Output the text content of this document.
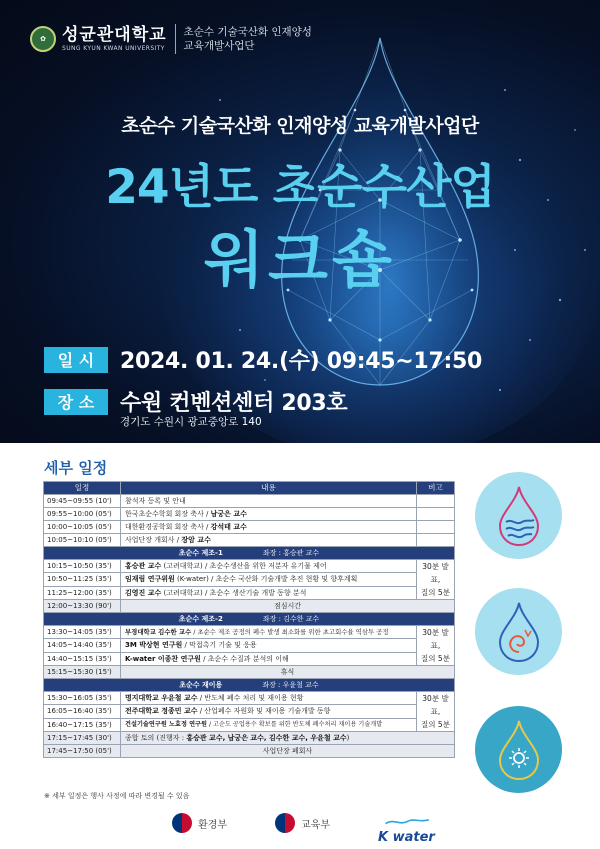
✿ 성균관대학교
SUNG KYUN KWAN UNIVERSITY
초순수 기술국산화 인재양성
교육개발사업단
초순수 기술국산화 인재양성 교육개발사업단
24년도 초순수산업
워크숍
일 시	2024. 01. 24.(수) 09:45~17:50
장 소	수원 컨벤션센터 203호
경기도 수원시 광교중앙로 140
세부 일정
일정	내용	비고
09:45~09:55 (10')	참석자 등록 및 안내	
09:55~10:00 (05')	한국초순수학회 회장 축사 / 남궁은 교수	
10:00~10:05 (05')	대한환경공학회 회장 축사 / 강석태 교수	
10:05~10:10 (05')	사업단장 개회사 / 장암 교수	
초순수 제조-1 좌장 : 홍승관 교수		
10:15~10:50 (35')	홍승관 교수 (고려대학교) / 초순수생산을 위한 저분자 유기물 제어	30분 발표,
질의 5분
10:50~11:25 (35')	임재림 연구위원 (K-water) / 초순수 국산화 기술개발 추진 현황 및 향후계획	
11:25~12:00 (35')	김영진 교수 (고려대학교) / 초순수 생산기술 개발 동향 분석	
12:00~13:30 (90')	점심시간	
초순수 제조-2 좌장 : 김수한 교수		
13:30~14:05 (35')	부경대학교 김수한 교수 / 초순수 제조 공정의 폐수 발생 최소화를 위한 초고회수율 역삼투 공정	30분 발표,
질의 5분
14:05~14:40 (35')	3M 박상현 연구원 / 막접촉기 기술 및 응용	
14:40~15:15 (35')	K-water 이종찬 연구원 / 초순수 수질과 분석의 이해	
15:15~15:30 (15')	휴식	
초순수 재이용 좌장 : 우윤철 교수		
15:30~16:05 (35')	명지대학교 우윤철 교수 / 반도체 폐수 처리 및 재이용 현황	30분 발표,
질의 5분
16:05~16:40 (35')	전주대학교 정종민 교수 / 산업폐수 자원화 및 재이용 기술개발 동향	
16:40~17:15 (35')	건설기술연구원 노효정 연구원 / 고순도 공업용수 확보를 위한 반도체 폐수처리 재이용 기술개발	
17:15~17:45 (30')	종합 토의 (진행자 : 홍승관 교수, 남궁은 교수, 김수한 교수, 우윤철 교수)	
17:45~17:50 (05')	사업단장 폐회사	
※ 세부 일정은 행사 사정에 따라 변경될 수 있음
환경부	교육부
K water
